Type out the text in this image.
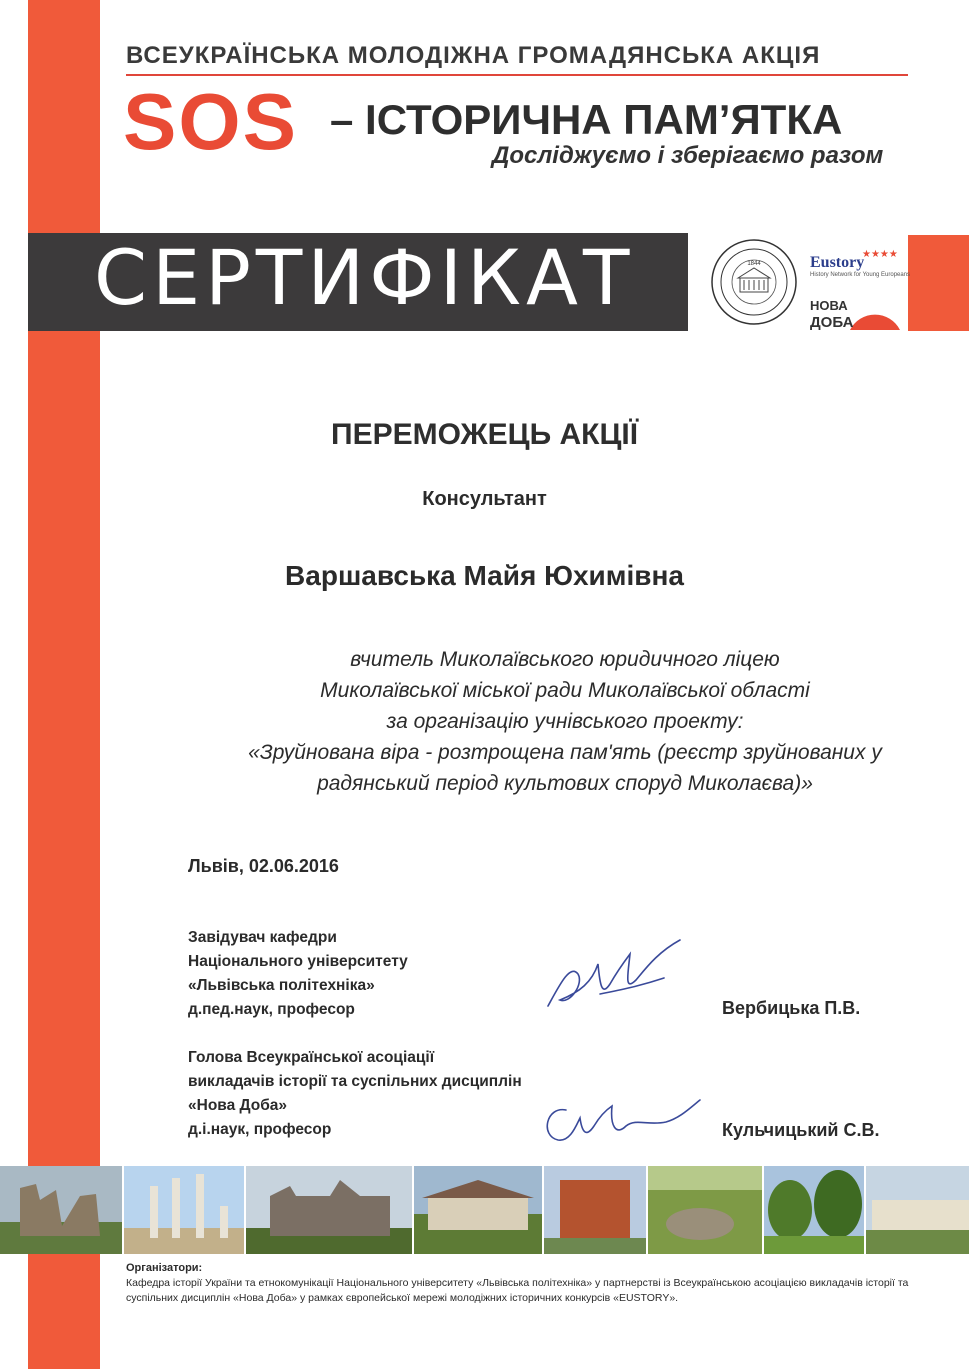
ВСЕУКРАЇНСЬКА МОЛОДІЖНА ГРОМАДЯНСЬКА АКЦІЯ
SOS – ІСТОРИЧНА ПАМ’ЯТКА
Досліджуємо і зберігаємо разом
СЕРТИФІКАТ	1844	Eustory
History Network for Young Europeans
★★★★
НОВА
ДОБА
ПЕРЕМОЖЕЦЬ АКЦІЇ
Консультант
Варшавська Майя Юхимівна
вчитель Миколаївського юридичного ліцею
Миколаївської міської ради Миколаївської області
за організацію учнівського проекту:
«Зруйнована віра - розтрощена пам'ять (реєстр зруйнованих у
радянський період культових споруд Миколаєва)»
Львів, 02.06.2016
Завідувач кафедри
Національного університету
«Львівська політехніка»
д.пед.наук, професор	Вербицька П.В.
Голова Всеукраїнської асоціації
викладачів історії та суспільних дисциплін
«Нова Доба»
д.і.наук, професор	Кульчицький С.В.
Організатори:
Кафедра історії України та етнокомунікації Національного університету «Львівська політехніка» у партнерстві із Всеукраїнською асоціацією викладачів історії та суспільних дисциплін «Нова Доба» у рамках європейської мережі молодіжних історичних конкурсів «EUSTORY».
